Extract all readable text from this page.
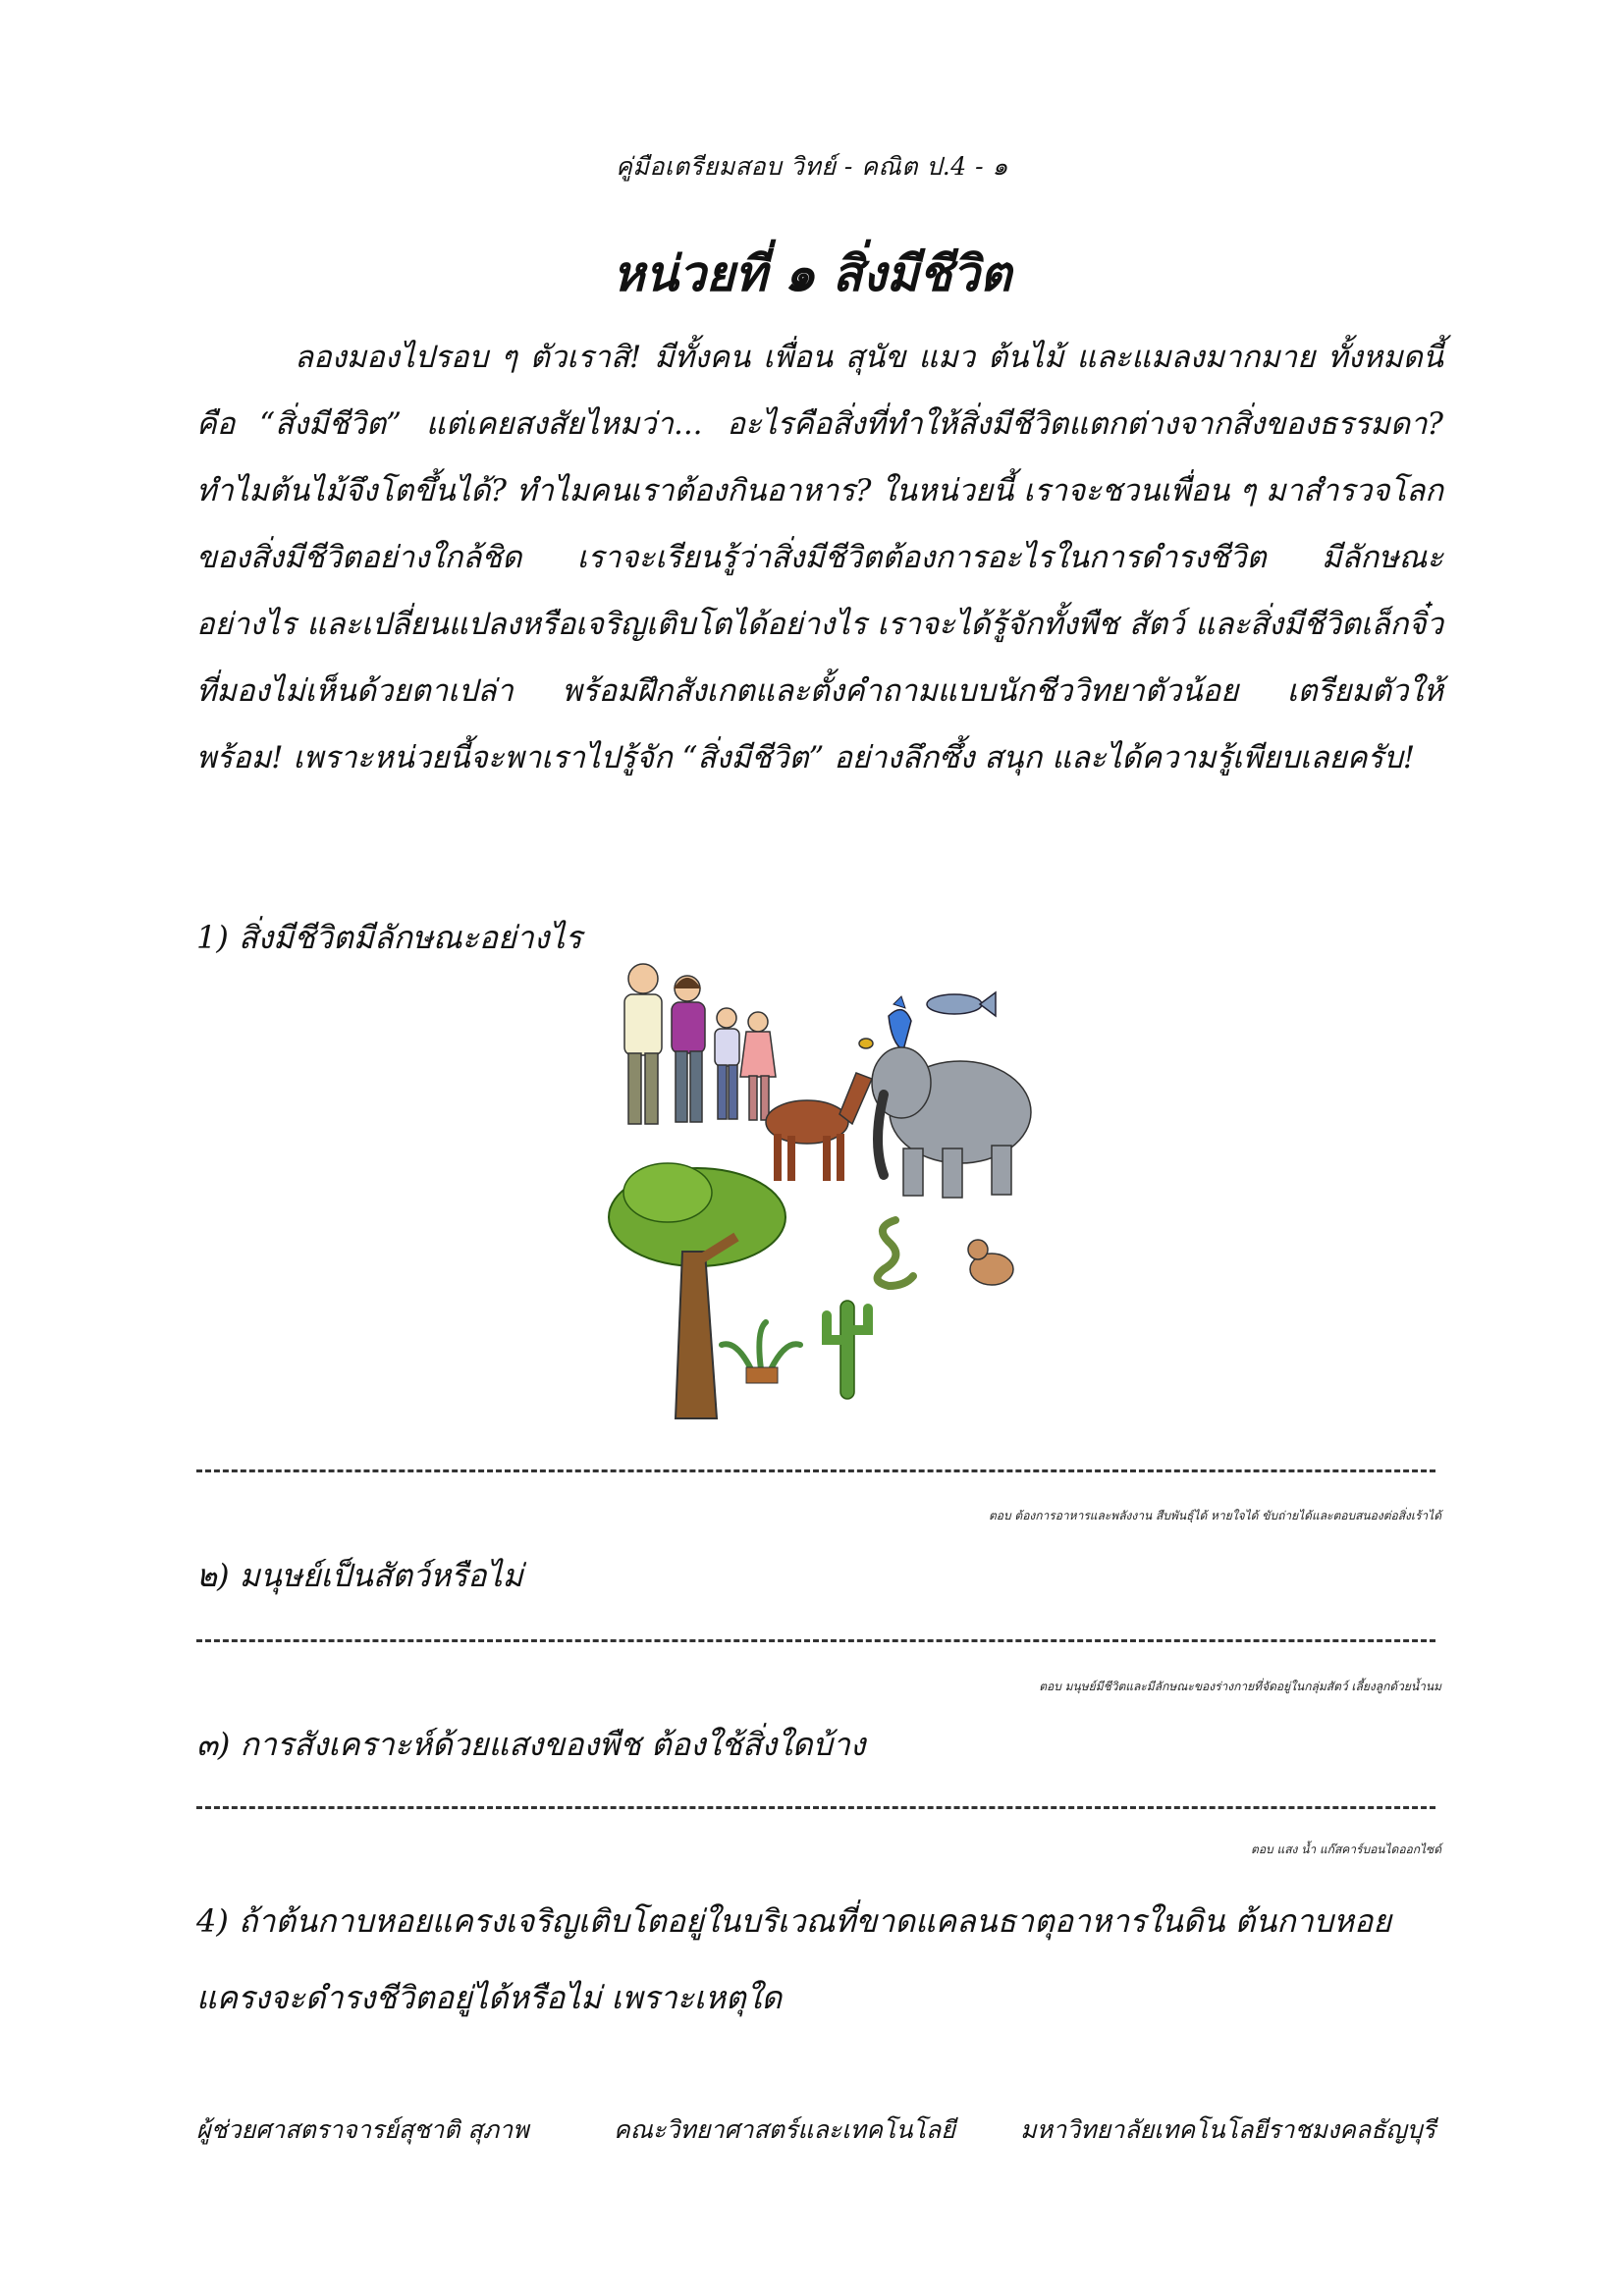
คู่มือเตรียมสอบ วิทย์ - คณิต ป.4 - ๑
หน่วยที่ ๑ สิ่งมีชีวิต

ลองมองไปรอบ ๆ ตัวเราสิ! มีทั้งคน เพื่อน สุนัข แมว ต้นไม้ และแมลงมากมาย ทั้งหมดนี้คือ “สิ่งมีชีวิต” แต่เคยสงสัยไหมว่า... อะไรคือสิ่งที่ทำให้สิ่งมีชีวิตแตกต่างจากสิ่งของธรรมดา? ทำไมต้นไม้จึงโตขึ้นได้? ทำไมคนเราต้องกินอาหาร? ในหน่วยนี้ เราจะชวนเพื่อน ๆ มาสำรวจโลกของสิ่งมีชีวิตอย่างใกล้ชิด เราจะเรียนรู้ว่าสิ่งมีชีวิตต้องการอะไรในการดำรงชีวิต มีลักษณะอย่างไร และเปลี่ยนแปลงหรือเจริญเติบโตได้อย่างไร เราจะได้รู้จักทั้งพืช สัตว์ และสิ่งมีชีวิตเล็กจิ๋วที่มองไม่เห็นด้วยตาเปล่า พร้อมฝึกสังเกตและตั้งคำถามแบบนักชีววิทยาตัวน้อย เตรียมตัวให้พร้อม! เพราะหน่วยนี้จะพาเราไปรู้จัก “สิ่งมีชีวิต” อย่างลึกซึ้ง สนุก และได้ความรู้เพียบเลยครับ!

1) สิ่งมีชีวิตมีลักษณะอย่างไร
ตอบ ต้องการอาหารและพลังงาน สืบพันธุ์ได้ หายใจได้ ขับถ่ายได้และตอบสนองต่อสิ่งเร้าได้
๒) มนุษย์เป็นสัตว์หรือไม่
ตอบ มนุษย์มีชีวิตและมีลักษณะของร่างกายที่จัดอยู่ในกลุ่มสัตว์ เลี้ยงลูกด้วยน้ำนม
๓) การสังเคราะห์ด้วยแสงของพืช ต้องใช้สิ่งใดบ้าง
ตอบ แสง น้ำ แก๊สคาร์บอนไดออกไซด์
4) ถ้าต้นกาบหอยแครงเจริญเติบโตอยู่ในบริเวณที่ขาดแคลนธาตุอาหารในดิน ต้นกาบหอยแครงจะดำรงชีวิตอยู่ได้หรือไม่ เพราะเหตุใด
ผู้ช่วยศาสตราจารย์สุชาติ สุภาพ	คณะวิทยาศาสตร์และเทคโนโลยี	มหาวิทยาลัยเทคโนโลยีราชมงคลธัญบุรี
